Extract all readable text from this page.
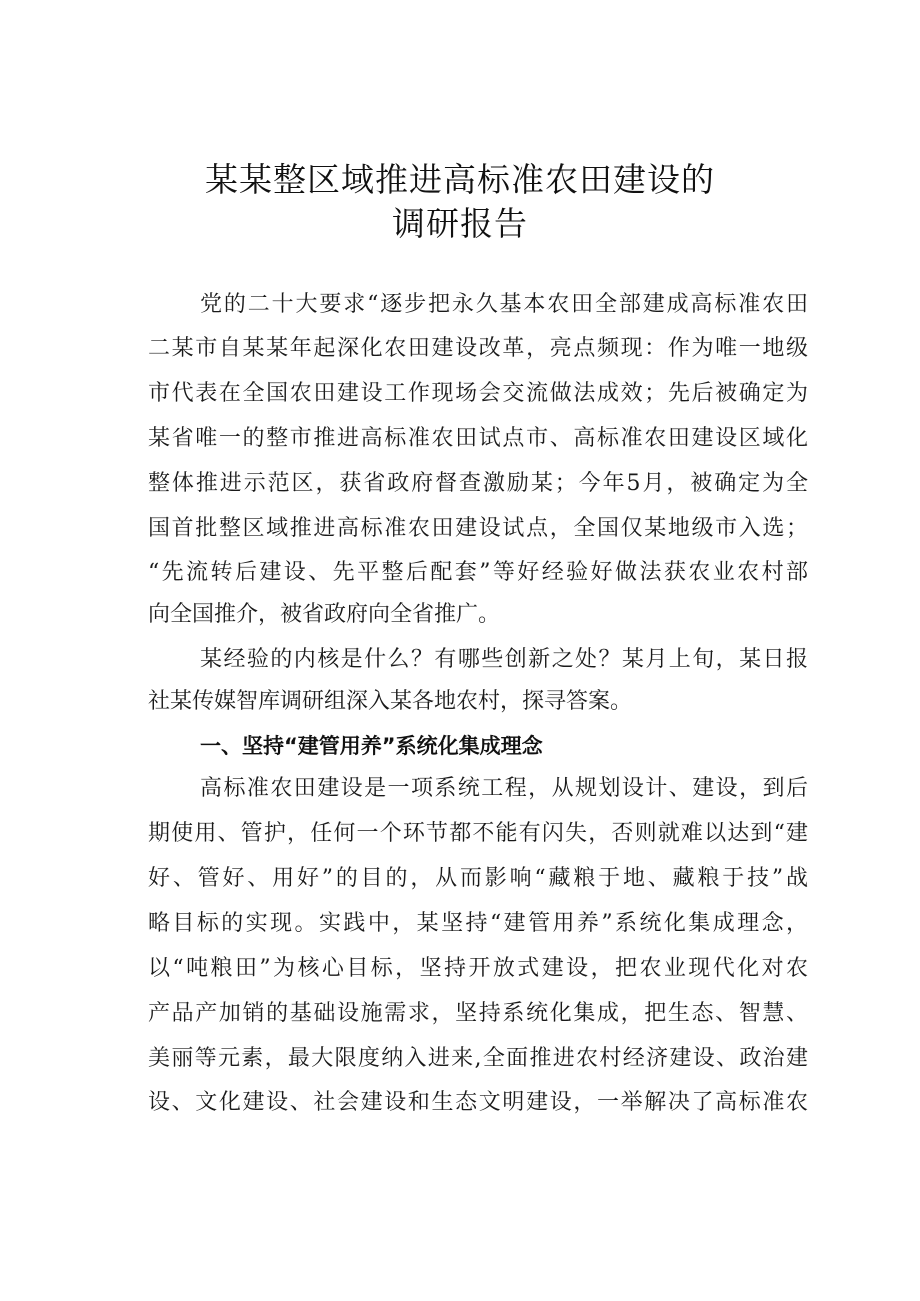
某某整区域推进高标准农田建设的
调研报告
党的二十大要求“逐步把永久基本农田全部建成高标准农田
二某市自某某年起深化农田建设改革，亮点频现：作为唯一地级
市代表在全国农田建设工作现场会交流做法成效；先后被确定为
某省唯一的整市推进高标准农田试点市、高标准农田建设区域化
整体推进示范区，获省政府督查激励某；今年5月，被确定为全
国首批整区域推进高标准农田建设试点，全国仅某地级市入选；
“先流转后建设、先平整后配套”等好经验好做法获农业农村部
向全国推介，被省政府向全省推广。
某经验的内核是什么？有哪些创新之处？某月上旬，某日报
社某传媒智库调研组深入某各地农村，探寻答案。
一、坚持“建管用养”系统化集成理念
高标准农田建设是一项系统工程，从规划设计、建设，到后
期使用、管护，任何一个环节都不能有闪失，否则就难以达到“建
好、管好、用好”的目的，从而影响“藏粮于地、藏粮于技”战
略目标的实现。实践中，某坚持“建管用养”系统化集成理念，
以“吨粮田”为核心目标，坚持开放式建设，把农业现代化对农
产品产加销的基础设施需求，坚持系统化集成，把生态、智慧、
美丽等元素，最大限度纳入进来,全面推进农村经济建设、政治建
设、文化建设、社会建设和生态文明建设，一举解决了高标准农
